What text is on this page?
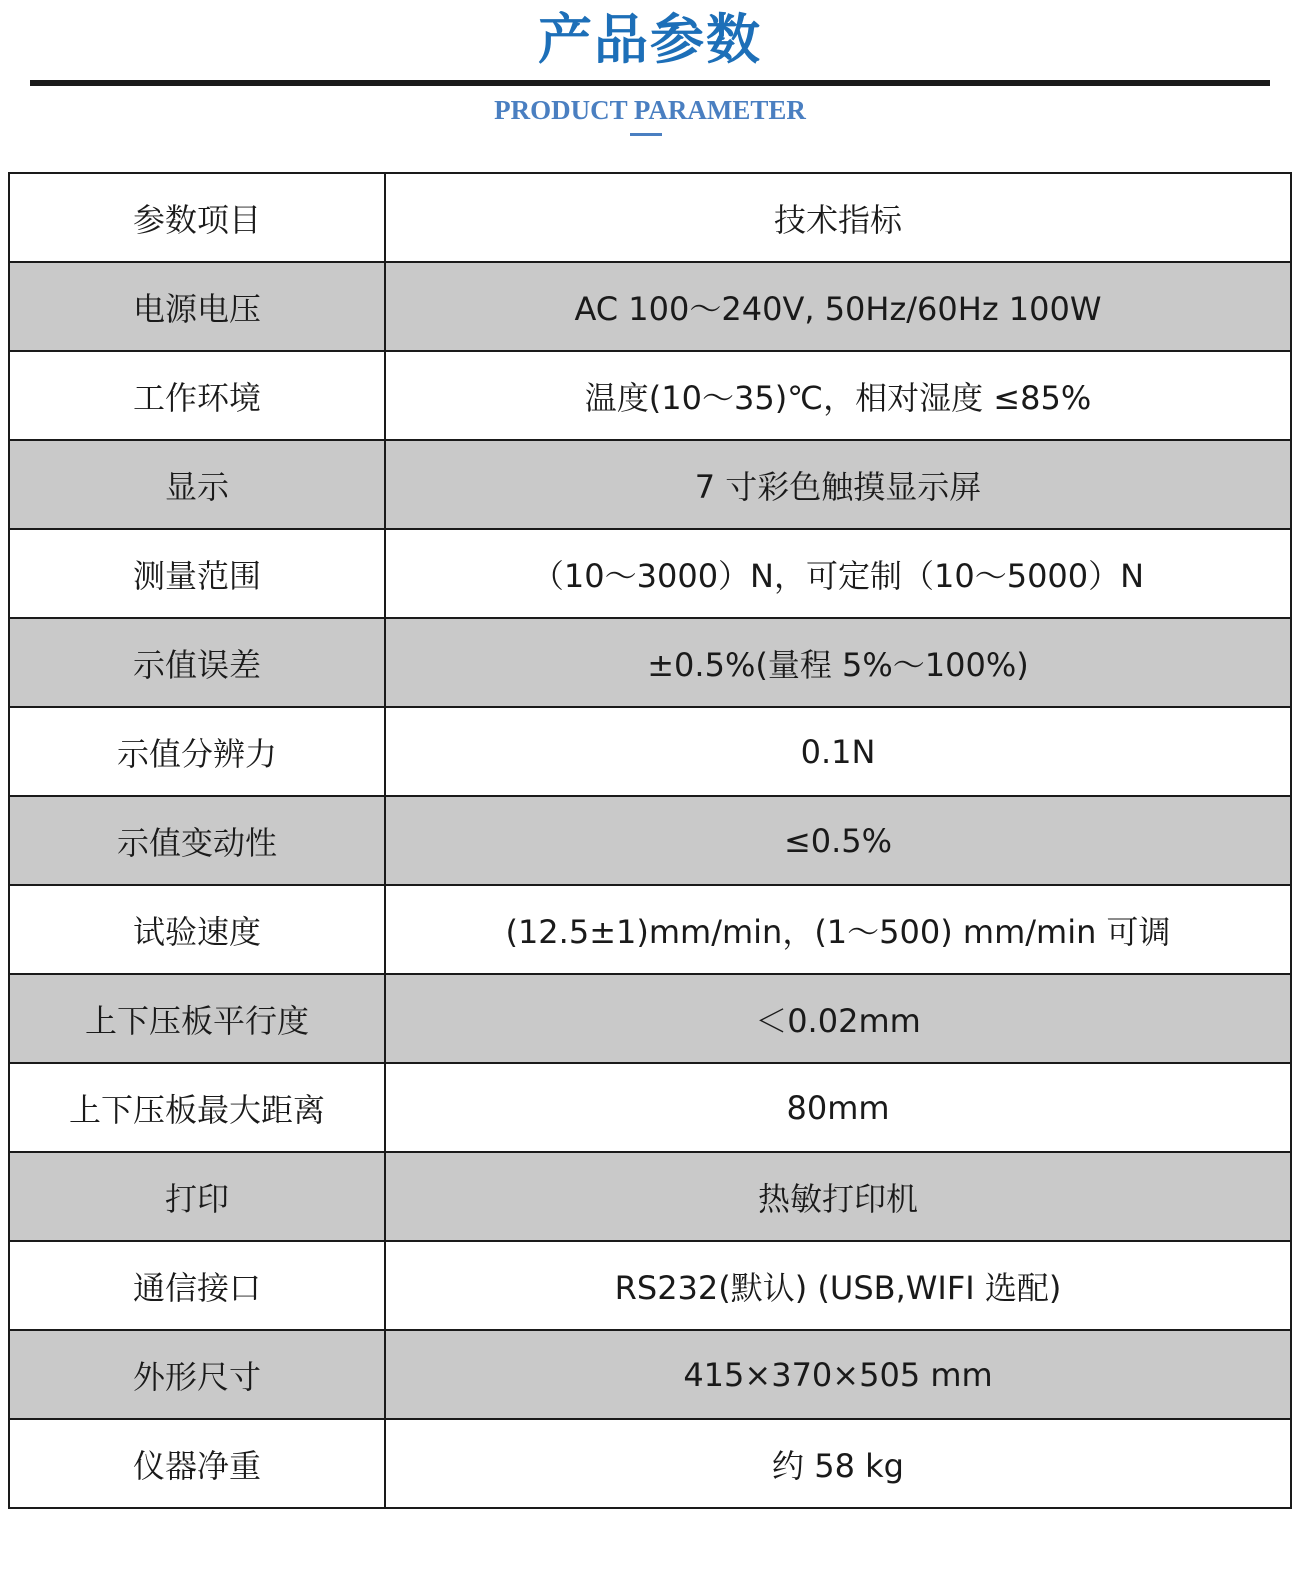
产品参数
PRODUCT PARAMETER
参数项目	技术指标
电源电压	AC 100～240V, 50Hz/60Hz 100W
工作环境	温度(10～35)℃，相对湿度 ≤85%
显示	7 寸彩色触摸显示屏
测量范围	（10～3000）N，可定制（10～5000）N
示值误差	±0.5%(量程 5%～100%)
示值分辨力	0.1N
示值变动性	≤0.5%
试验速度	(12.5±1)mm/min，(1～500) mm/min 可调
上下压板平行度	＜0.02mm
上下压板最大距离	80mm
打印	热敏打印机
通信接口	RS232(默认) (USB,WIFI 选配)
外形尺寸	415×370×505 mm
仪器净重	约 58 kg
